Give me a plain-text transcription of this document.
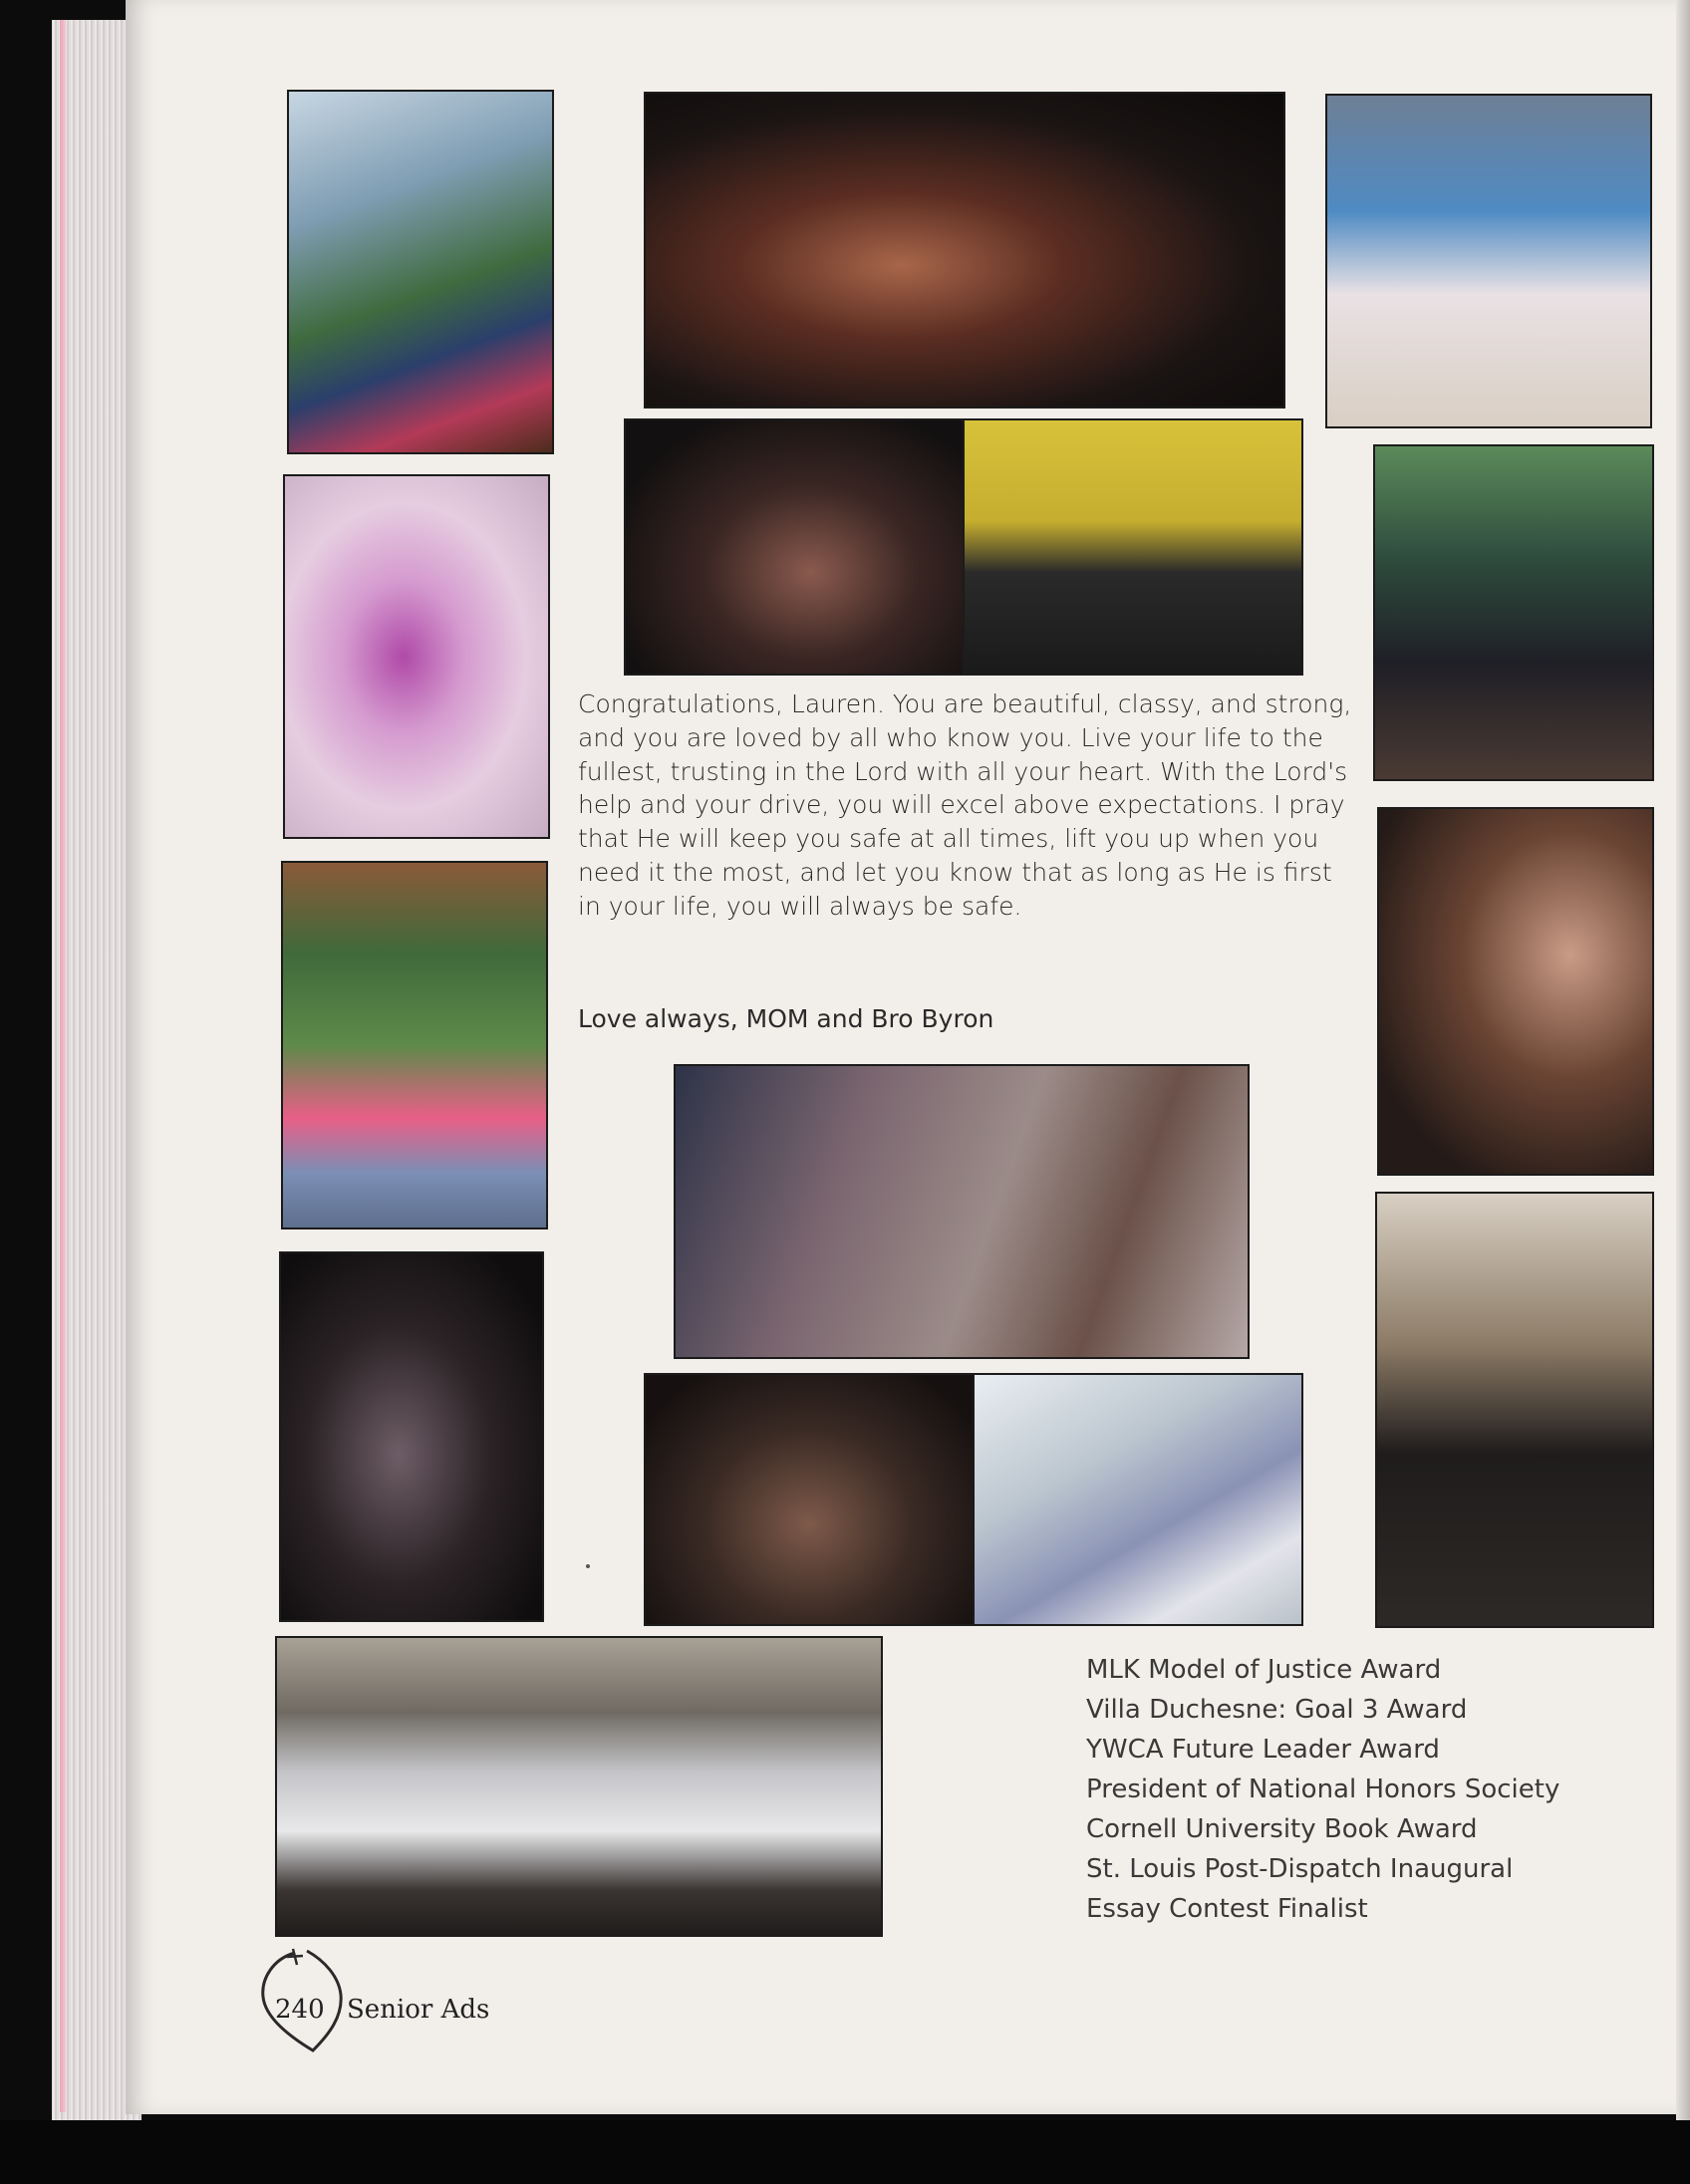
Congratulations, Lauren. You are beautiful, classy, and strong, and you are loved by all who know you. Live your life to the fullest, trusting in the Lord with all your heart. With the Lord's help and your drive, you will excel above expectations. I pray that He will keep you safe at all times, lift you up when you need it the most, and let you know that as long as He is first in your life, you will always be safe.

Love always, MOM and Bro Byron

MLK Model of Justice Award
Villa Duchesne: Goal 3 Award
YWCA Future Leader Award
President of National Honors Society
Cornell University Book Award
St. Louis Post-Dispatch Inaugural
Essay Contest Finalist
240 Senior Ads
